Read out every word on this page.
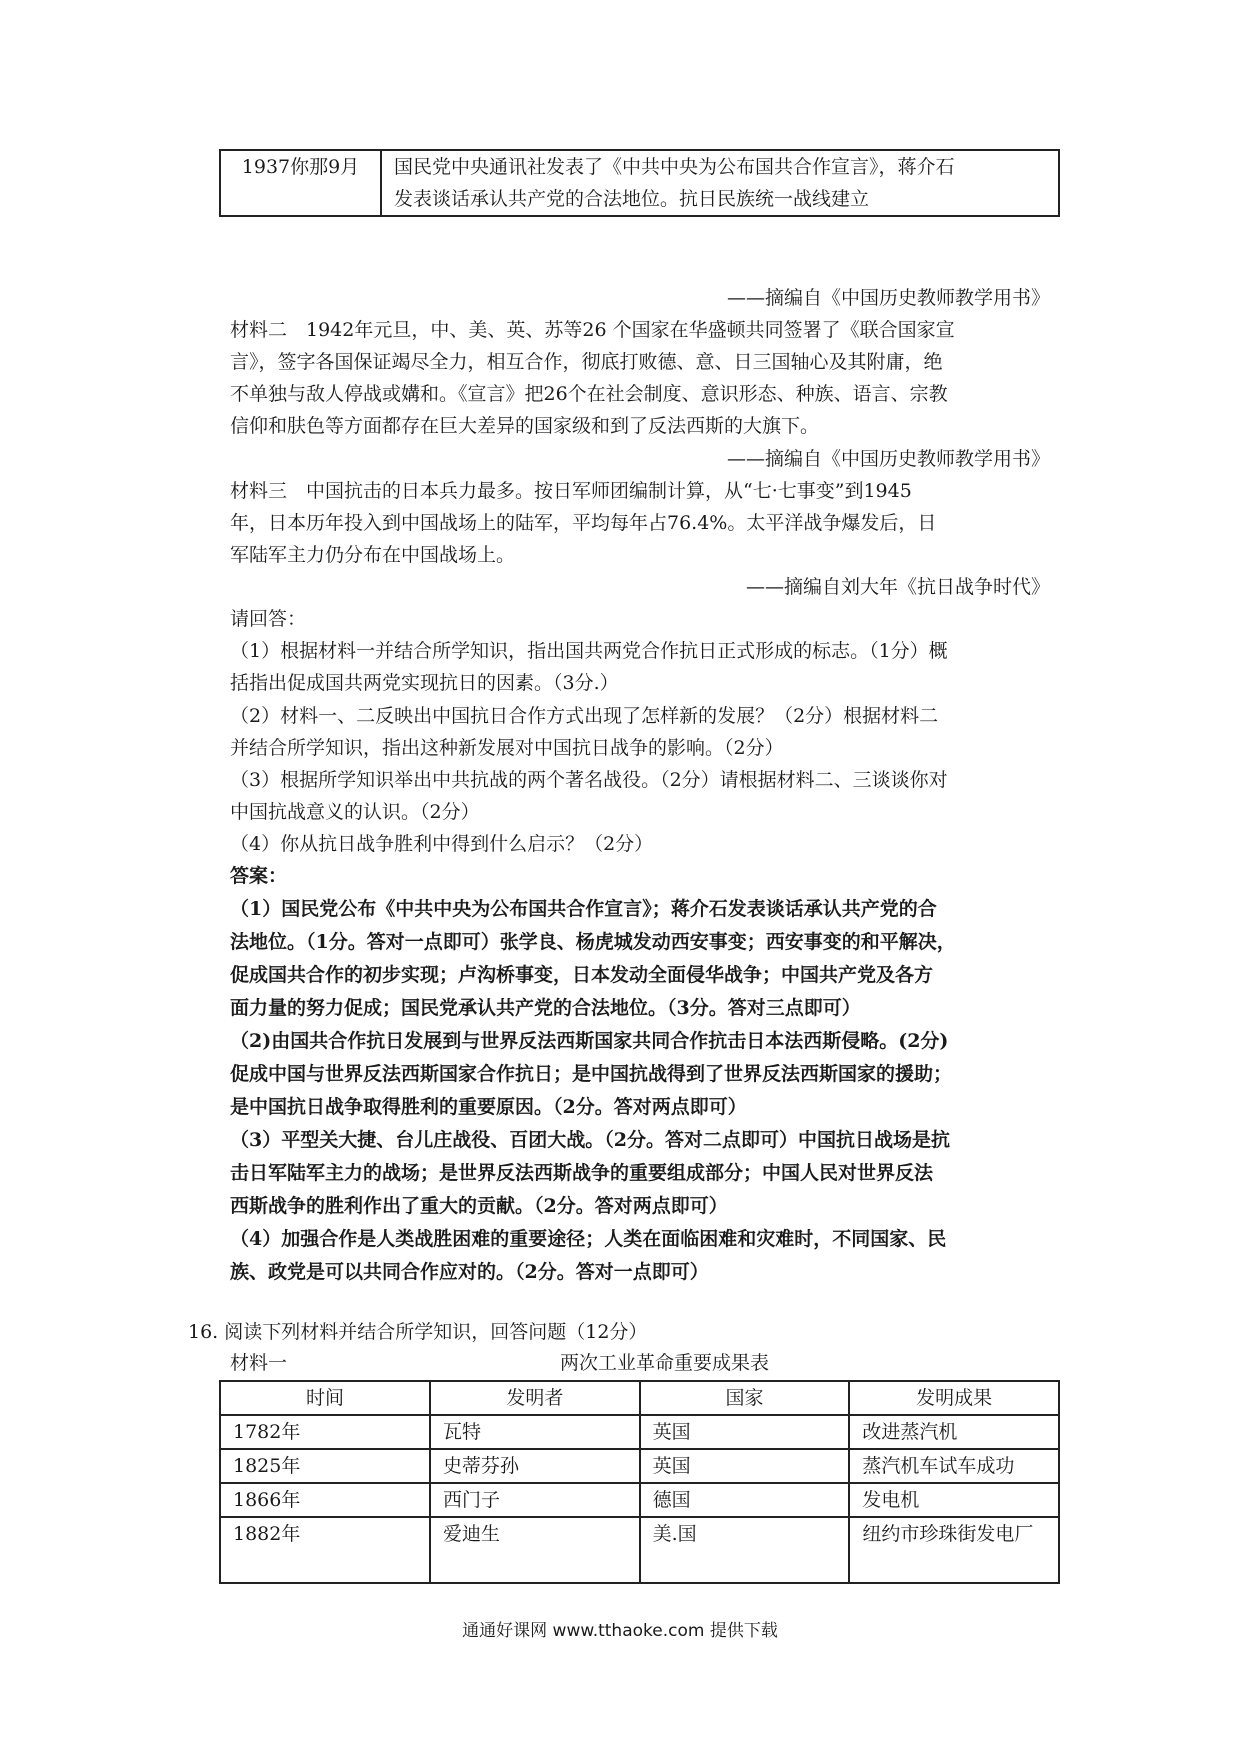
1937你那9月	国民党中央通讯社发表了《中共中央为公布国共合作宣言》，蒋介石
发表谈话承认共产党的合法地位。抗日民族统一战线建立
——摘编自《中国历史教师教学用书》
材料二　1942年元旦，中、美、英、苏等26 个国家在华盛顿共同签署了《联合国家宣
言》，签字各国保证竭尽全力，相互合作，彻底打败德、意、日三国轴心及其附庸，绝
不单独与敌人停战或媾和。《宣言》把26个在社会制度、意识形态、种族、语言、宗教
信仰和肤色等方面都存在巨大差异的国家级和到了反法西斯的大旗下。
——摘编自《中国历史教师教学用书》
材料三　中国抗击的日本兵力最多。按日军师团编制计算，从“七·七事变”到1945
年，日本历年投入到中国战场上的陆军，平均每年占76.4%。太平洋战争爆发后，日
军陆军主力仍分布在中国战场上。
——摘编自刘大年《抗日战争时代》
请回答：
（1）根据材料一并结合所学知识，指出国共两党合作抗日正式形成的标志。（1分）概
括指出促成国共两党实现抗日的因素。（3分.）
（2）材料一、二反映出中国抗日合作方式出现了怎样新的发展？（2分）根据材料二
并结合所学知识，指出这种新发展对中国抗日战争的影响。（2分）
（3）根据所学知识举出中共抗战的两个著名战役。（2分）请根据材料二、三谈谈你对
中国抗战意义的认识。（2分）
（4）你从抗日战争胜利中得到什么启示？（2分）
答案：
（1）国民党公布《中共中央为公布国共合作宣言》；蒋介石发表谈话承认共产党的合
法地位。（1分。答对一点即可）张学良、杨虎城发动西安事变；西安事变的和平解决，
促成国共合作的初步实现；卢沟桥事变，日本发动全面侵华战争；中国共产党及各方
面力量的努力促成；国民党承认共产党的合法地位。（3分。答对三点即可）
（2)由国共合作抗日发展到与世界反法西斯国家共同合作抗击日本法西斯侵略。(2分)
促成中国与世界反法西斯国家合作抗日；是中国抗战得到了世界反法西斯国家的援助；
是中国抗日战争取得胜利的重要原因。（2分。答对两点即可）
（3）平型关大捷、台儿庄战役、百团大战。（2分。答对二点即可）中国抗日战场是抗
击日军陆军主力的战场；是世界反法西斯战争的重要组成部分；中国人民对世界反法
西斯战争的胜利作出了重大的贡献。（2分。答对两点即可）
（4）加强合作是人类战胜困难的重要途径；人类在面临困难和灾难时，不同国家、民
族、政党是可以共同合作应对的。（2分。答对一点即可）
16. 阅读下列材料并结合所学知识，回答问题（12分）
材料一	两次工业革命重要成果表
时间	发明者	国家	发明成果
1782年	瓦特	英国	改进蒸汽机
1825年	史蒂芬孙	英国	蒸汽机车试车成功
1866年	西门子	德国	发电机
1882年	爱迪生	美.国	纽约市珍珠街发电厂
通通好课网 www.tthaoke.com 提供下载
